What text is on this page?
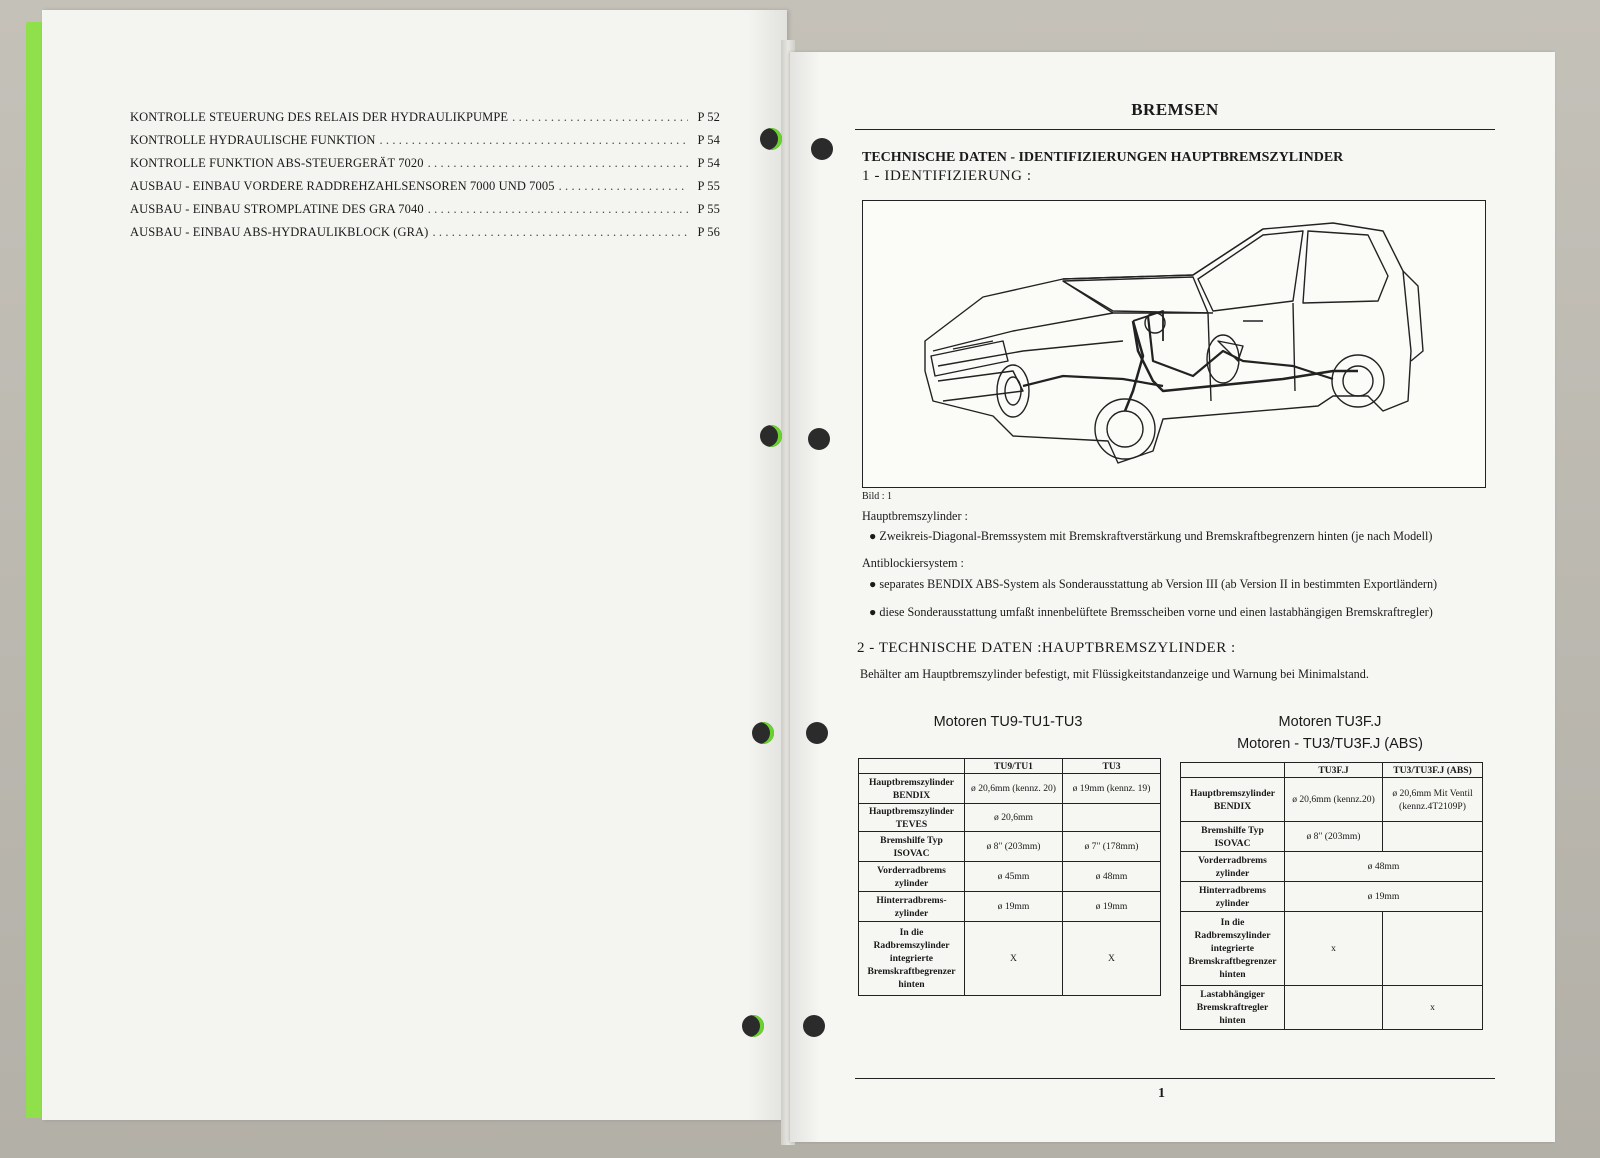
KONTROLLE STEUERUNG DES RELAIS DER HYDRAULIKPUMPE . . .	P 52
KONTROLLE HYDRAULISCHE FUNKTION . . .	P 54
KONTROLLE FUNKTION ABS-STEUERGERÄT 7020 . . .	P 54
AUSBAU - EINBAU VORDERE RADDREHZAHLSENSOREN 7000 UND 7005 . . .	P 55
AUSBAU - EINBAU STROMPLATINE DES GRA 7040 . . .	P 55
AUSBAU - EINBAU ABS-HYDRAULIKBLOCK (GRA) . . .	P 56
BREMSEN
TECHNISCHE DATEN - IDENTIFIZIERUNGEN HAUPTBREMSZYLINDER
1 - IDENTIFIZIERUNG :
Bild : 1
Hauptbremszylinder :
● Zweikreis-Diagonal-Bremssystem mit Bremskraftverstärkung und Bremskraftbegrenzern hinten (je nach Modell)
Antiblockiersystem :
● separates BENDIX ABS-System als Sonderausstattung ab Version III (ab Version II in bestimmten Exportländern)
● diese Sonderausstattung umfaßt innenbelüftete Bremsscheiben vorne und einen lastabhängigen Bremskraftregler)
2 - TECHNISCHE DATEN :HAUPTBREMSZYLINDER :
Behälter am Hauptbremszylinder befestigt, mit Flüssigkeitstandanzeige und Warnung bei Minimalstand.
Motoren TU9-TU1-TU3
	TU9/TU1	TU3
Hauptbremszylinder BENDIX	ø 20,6mm (kennz. 20)	ø 19mm (kennz. 19)
Hauptbremszylinder TEVES	ø 20,6mm	
Bremshilfe Typ ISOVAC	ø 8" (203mm)	ø 7" (178mm)
Vorderradbrems zylinder	ø 45mm	ø 48mm
Hinterradbrems-zylinder	ø 19mm	ø 19mm
In die Radbremszylinder integrierte Bremskraftbegrenzer hinten	X	X
Motoren TU3F.J
Motoren - TU3/TU3F.J (ABS)
	TU3F.J	TU3/TU3F.J (ABS)
Hauptbremszylinder BENDIX	ø 20,6mm (kennz.20)	ø 20,6mm Mit Ventil (kennz.4T2109P)
Bremshilfe Typ ISOVAC	ø 8" (203mm)	
Vorderradbrems zylinder	ø 48mm	
Hinterradbrems zylinder	ø 19mm	
In die Radbremszylinder integrierte Bremskraftbegrenzer hinten	x	
Lastabhängiger Bremskraftregler hinten		x
1
